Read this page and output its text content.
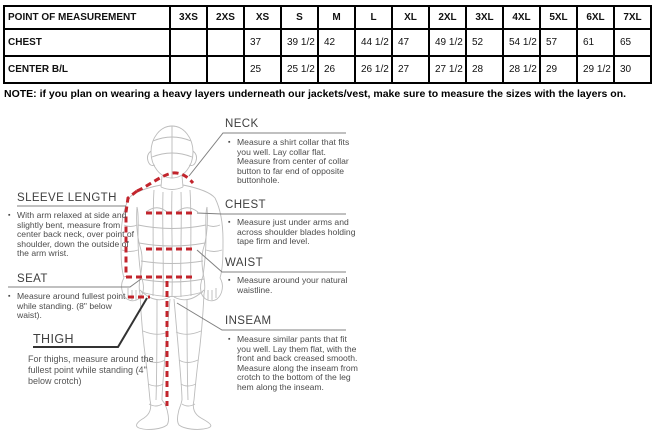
POINT OF MEASUREMENT	3XS	2XS	XS	S	M	L	XL	2XL	3XL	4XL	5XL	6XL	7XL
CHEST			37	39 1/2	42	44 1/2	47	49 1/2	52	54 1/2	57	61	65
CENTER B/L			25	25 1/2	26	26 1/2	27	27 1/2	28	28 1/2	29	29 1/2	30
NOTE: if you plan on wearing a heavy layers underneath our jackets/vest, make sure to measure the sizes with the layers on.
NECK
▪ Measure a shirt collar that fits you well. Lay collar flat. Measure from center of collar button to far end of opposite buttonhole.
CHEST
▪ Measure just under arms and across shoulder blades holding tape firm and level.
WAIST
▪ Measure around your natural waistline.
INSEAM
▪ Measure similar pants that fit you well. Lay them flat, with the front and back creased smooth. Measure along the inseam from crotch to the bottom of the leg hem along the inseam.
SLEEVE LENGTH
▪ With arm relaxed at side and slightly bent, measure from center back neck, over point of shoulder, down the outside of the arm wrist.
SEAT
▪ Measure around fullest point while standing. (8" below waist).
THIGH
For thighs, measure around the fullest point while standing (4" below crotch)
